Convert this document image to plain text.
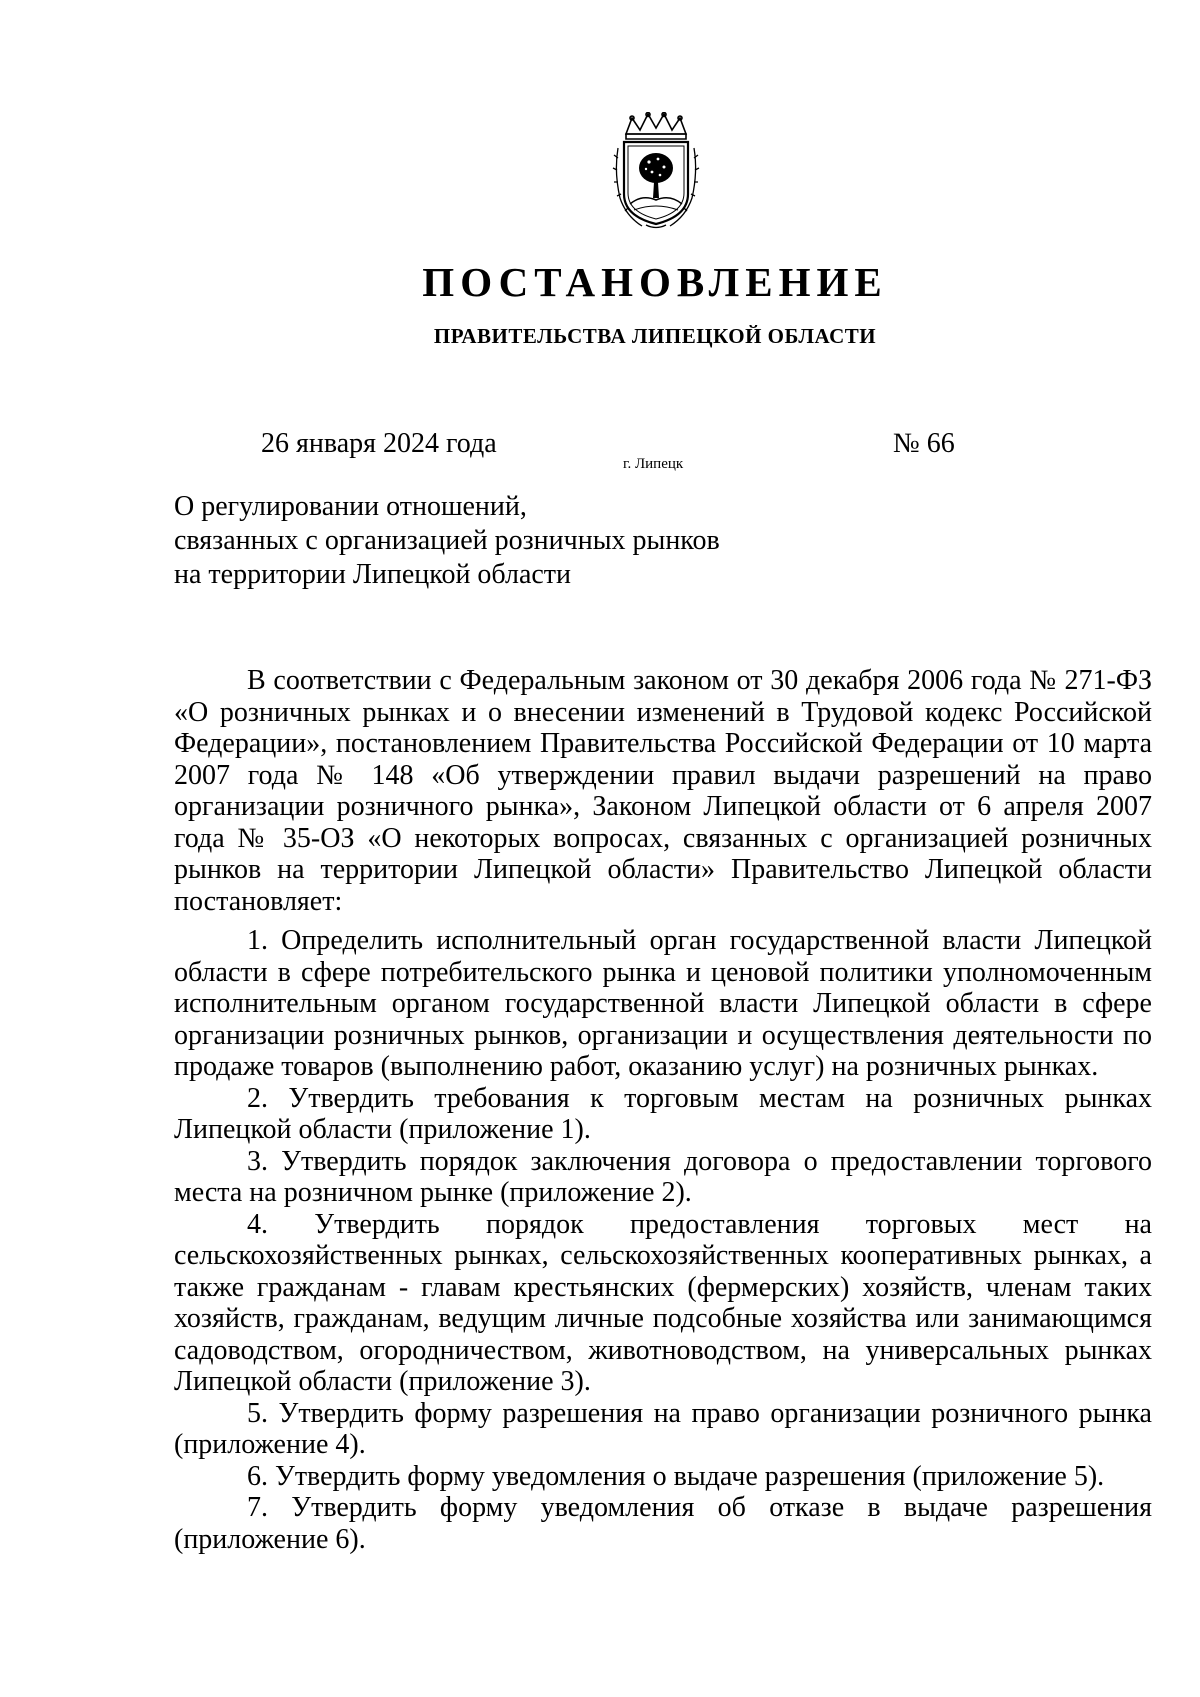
ПОСТАНОВЛЕНИЕ
ПРАВИТЕЛЬСТВА ЛИПЕЦКОЙ ОБЛАСТИ
26 января 2024 года
г. Липецк
№ 66
О регулировании отношений,
связанных с организацией розничных рынков
на территории Липецкой области

В соответствии с Федеральным законом от 30 декабря 2006 года № 271-ФЗ «О розничных рынках и о внесении изменений в Трудовой кодекс Российской Федерации», постановлением Правительства Российской Федерации от 10 марта 2007 года № 148 «Об утверждении правил выдачи разрешений на право организации розничного рынка», Законом Липецкой области от 6 апреля 2007 года № 35-ОЗ «О некоторых вопросах, связанных с организацией розничных рынков на территории Липецкой области» Правительство Липецкой области постановляет:

1. Определить исполнительный орган государственной власти Липецкой области в сфере потребительского рынка и ценовой политики уполномоченным исполнительным органом государственной власти Липецкой области в сфере организации розничных рынков, организации и осуществления деятельности по продаже товаров (выполнению работ, оказанию услуг) на розничных рынках.

2. Утвердить требования к торговым местам на розничных рынках Липецкой области (приложение 1).

3. Утвердить порядок заключения договора о предоставлении торгового места на розничном рынке (приложение 2).

4. Утвердить порядок предоставления торговых мест на сельскохозяйственных рынках, сельскохозяйственных кооперативных рынках, а также гражданам - главам крестьянских (фермерских) хозяйств, членам таких хозяйств, гражданам, ведущим личные подсобные хозяйства или занимающимся садоводством, огородничеством, животноводством, на универсальных рынках Липецкой области (приложение 3).

5. Утвердить форму разрешения на право организации розничного рынка (приложение 4).

6. Утвердить форму уведомления о выдаче разрешения (приложение 5).

7. Утвердить форму уведомления об отказе в выдаче разрешения (приложение 6).
